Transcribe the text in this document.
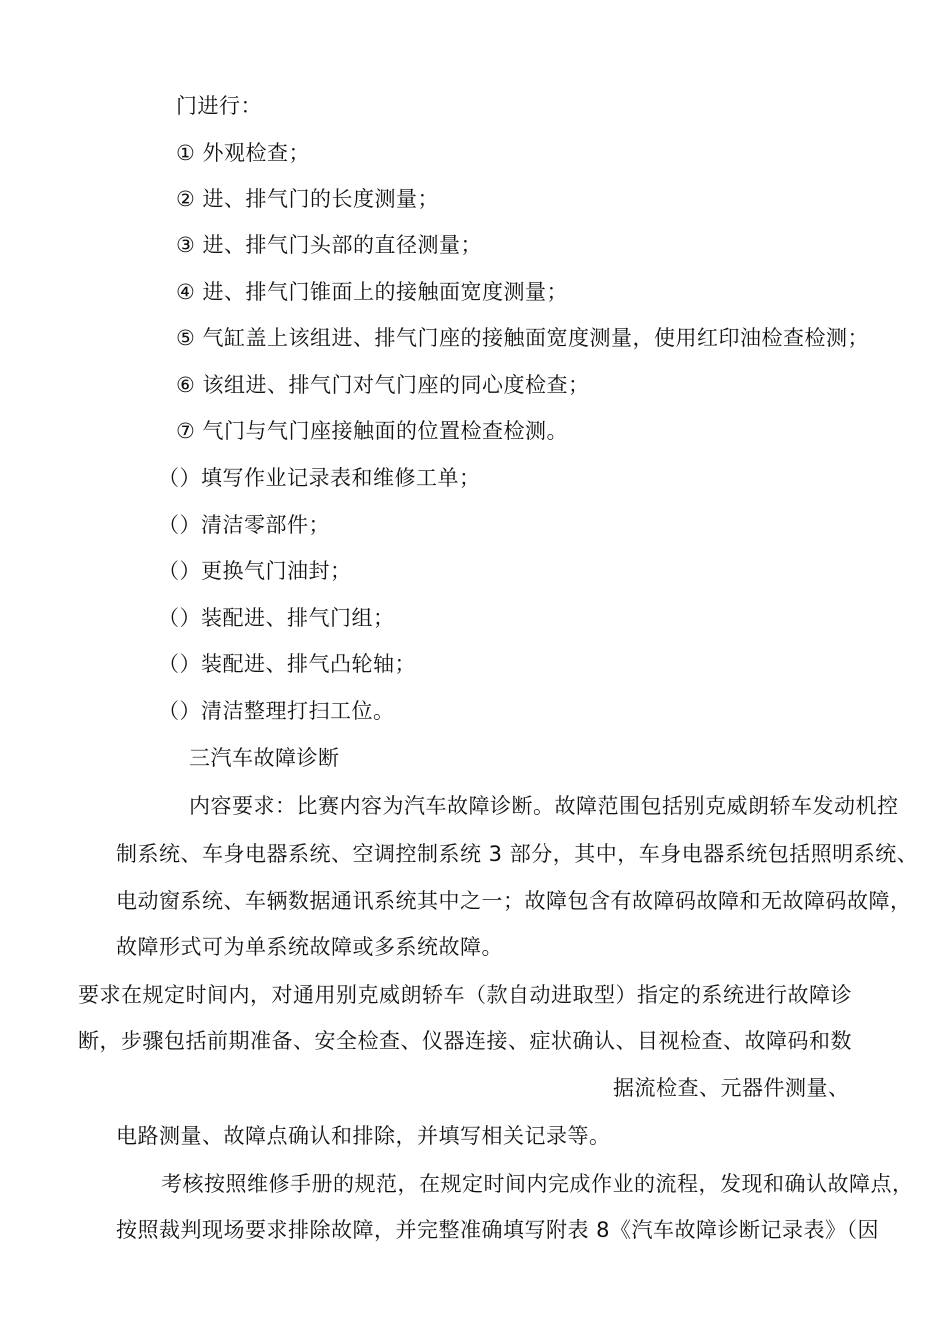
门进行：
① 外观检查；
② 进、排气门的长度测量；
③ 进、排气门头部的直径测量；
④ 进、排气门锥面上的接触面宽度测量；
⑤ 气缸盖上该组进、排气门座的接触面宽度测量，使用红印油检查检测；
⑥ 该组进、排气门对气门座的同心度检查；
⑦ 气门与气门座接触面的位置检查检测。
（）填写作业记录表和维修工单；
（）清洁零部件；
（）更换气门油封；
（）装配进、排气门组；
（）装配进、排气凸轮轴；
（）清洁整理打扫工位。
三汽车故障诊断
内容要求：比赛内容为汽车故障诊断。故障范围包括别克威朗轿车发动机控
制系统、车身电器系统、空调控制系统 3 部分，其中，车身电器系统包括照明系统、
电动窗系统、车辆数据通讯系统其中之一；故障包含有故障码故障和无故障码故障，
故障形式可为单系统故障或多系统故障。
要求在规定时间内，对通用别克威朗轿车（款自动进取型）指定的系统进行故障诊
断，步骤包括前期准备、安全检查、仪器连接、症状确认、目视检查、故障码和数
据流检查、元器件测量、
电路测量、故障点确认和排除，并填写相关记录等。
考核按照维修手册的规范，在规定时间内完成作业的流程，发现和确认故障点，
按照裁判现场要求排除故障，并完整准确填写附表 8《汽车故障诊断记录表》（因
